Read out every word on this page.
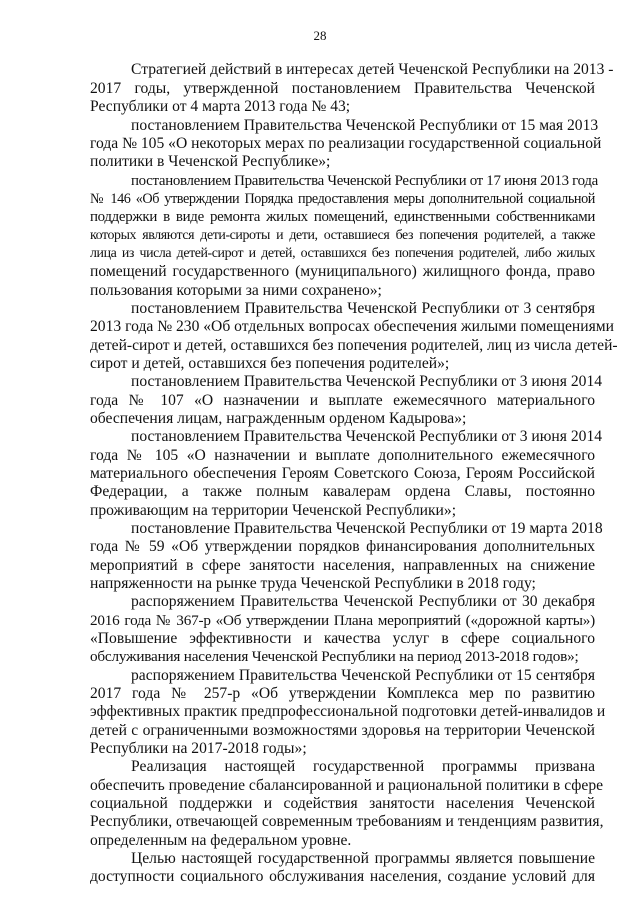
28
Стратегией действий в интересах детей Чеченской Республики на 2013 -
2017 годы, утвержденной постановлением Правительства Чеченской
Республики от 4 марта 2013 года № 43;
постановлением Правительства Чеченской Республики от 15 мая 2013
года № 105 «О некоторых мерах по реализации государственной социальной
политики в Чеченской Республике»;
постановлением Правительства Чеченской Республики от 17 июня 2013 года
№ 146 «Об утверждении Порядка предоставления меры дополнительной социальной
поддержки в виде ремонта жилых помещений, единственными собственниками
которых являются дети-сироты и дети, оставшиеся без попечения родителей, а также
лица из числа детей-сирот и детей, оставшихся без попечения родителей, либо жилых
помещений государственного (муниципального) жилищного фонда, право
пользования которыми за ними сохранено»;
постановлением Правительства Чеченской Республики от 3 сентября
2013 года № 230 «Об отдельных вопросах обеспечения жилыми помещениями
детей-сирот и детей, оставшихся без попечения родителей, лиц из числа детей-
сирот и детей, оставшихся без попечения родителей»;
постановлением Правительства Чеченской Республики от 3 июня 2014
года № 107 «О назначении и выплате ежемесячного материального
обеспечения лицам, награжденным орденом Кадырова»;
постановлением Правительства Чеченской Республики от 3 июня 2014
года № 105 «О назначении и выплате дополнительного ежемесячного
материального обеспечения Героям Советского Союза, Героям Российской
Федерации, а также полным кавалерам ордена Славы, постоянно
проживающим на территории Чеченской Республики»;
постановление Правительства Чеченской Республики от 19 марта 2018
года № 59 «Об утверждении порядков финансирования дополнительных
мероприятий в сфере занятости населения, направленных на снижение
напряженности на рынке труда Чеченской Республики в 2018 году;
распоряжением Правительства Чеченской Республики от 30 декабря
2016 года № 367-р «Об утверждении Плана мероприятий («дорожной карты»)
«Повышение эффективности и качества услуг в сфере социального
обслуживания населения Чеченской Республики на период 2013-2018 годов»;
распоряжением Правительства Чеченской Республики от 15 сентября
2017 года № 257-р «Об утверждении Комплекса мер по развитию
эффективных практик предпрофессиональной подготовки детей-инвалидов и
детей с ограниченными возможностями здоровья на территории Чеченской
Республики на 2017-2018 годы»;
Реализация настоящей государственной программы призвана
обеспечить проведение сбалансированной и рациональной политики в сфере
социальной поддержки и содействия занятости населения Чеченской
Республики, отвечающей современным требованиям и тенденциям развития,
определенным на федеральном уровне.
Целью настоящей государственной программы является повышение
доступности социального обслуживания населения, создание условий для
